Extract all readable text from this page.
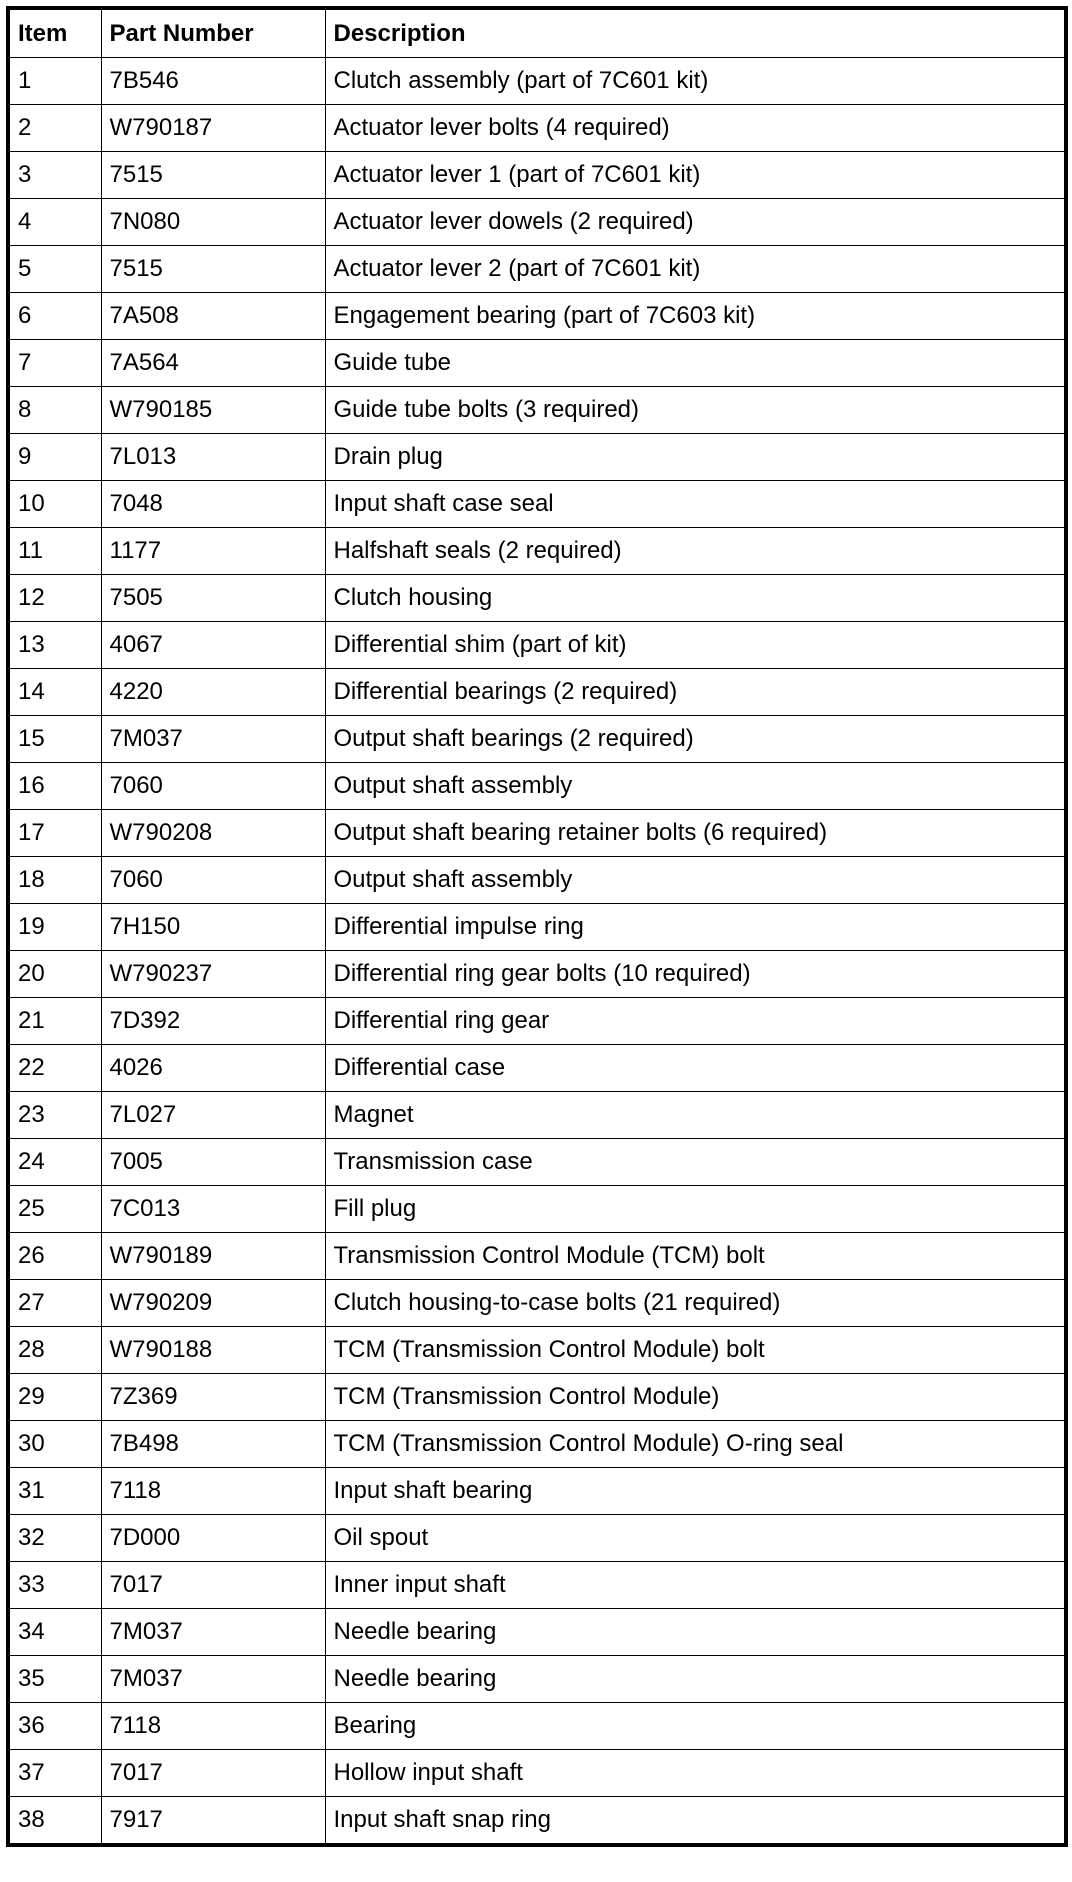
Item	Part Number	Description
1	7B546	Clutch assembly (part of 7C601 kit)
2	W790187	Actuator lever bolts (4 required)
3	7515	Actuator lever 1 (part of 7C601 kit)
4	7N080	Actuator lever dowels (2 required)
5	7515	Actuator lever 2 (part of 7C601 kit)
6	7A508	Engagement bearing (part of 7C603 kit)
7	7A564	Guide tube
8	W790185	Guide tube bolts (3 required)
9	7L013	Drain plug
10	7048	Input shaft case seal
11	1177	Halfshaft seals (2 required)
12	7505	Clutch housing
13	4067	Differential shim (part of kit)
14	4220	Differential bearings (2 required)
15	7M037	Output shaft bearings (2 required)
16	7060	Output shaft assembly
17	W790208	Output shaft bearing retainer bolts (6 required)
18	7060	Output shaft assembly
19	7H150	Differential impulse ring
20	W790237	Differential ring gear bolts (10 required)
21	7D392	Differential ring gear
22	4026	Differential case
23	7L027	Magnet
24	7005	Transmission case
25	7C013	Fill plug
26	W790189	Transmission Control Module (TCM) bolt
27	W790209	Clutch housing-to-case bolts (21 required)
28	W790188	TCM (Transmission Control Module) bolt
29	7Z369	TCM (Transmission Control Module)
30	7B498	TCM (Transmission Control Module) O-ring seal
31	7118	Input shaft bearing
32	7D000	Oil spout
33	7017	Inner input shaft
34	7M037	Needle bearing
35	7M037	Needle bearing
36	7118	Bearing
37	7017	Hollow input shaft
38	7917	Input shaft snap ring
